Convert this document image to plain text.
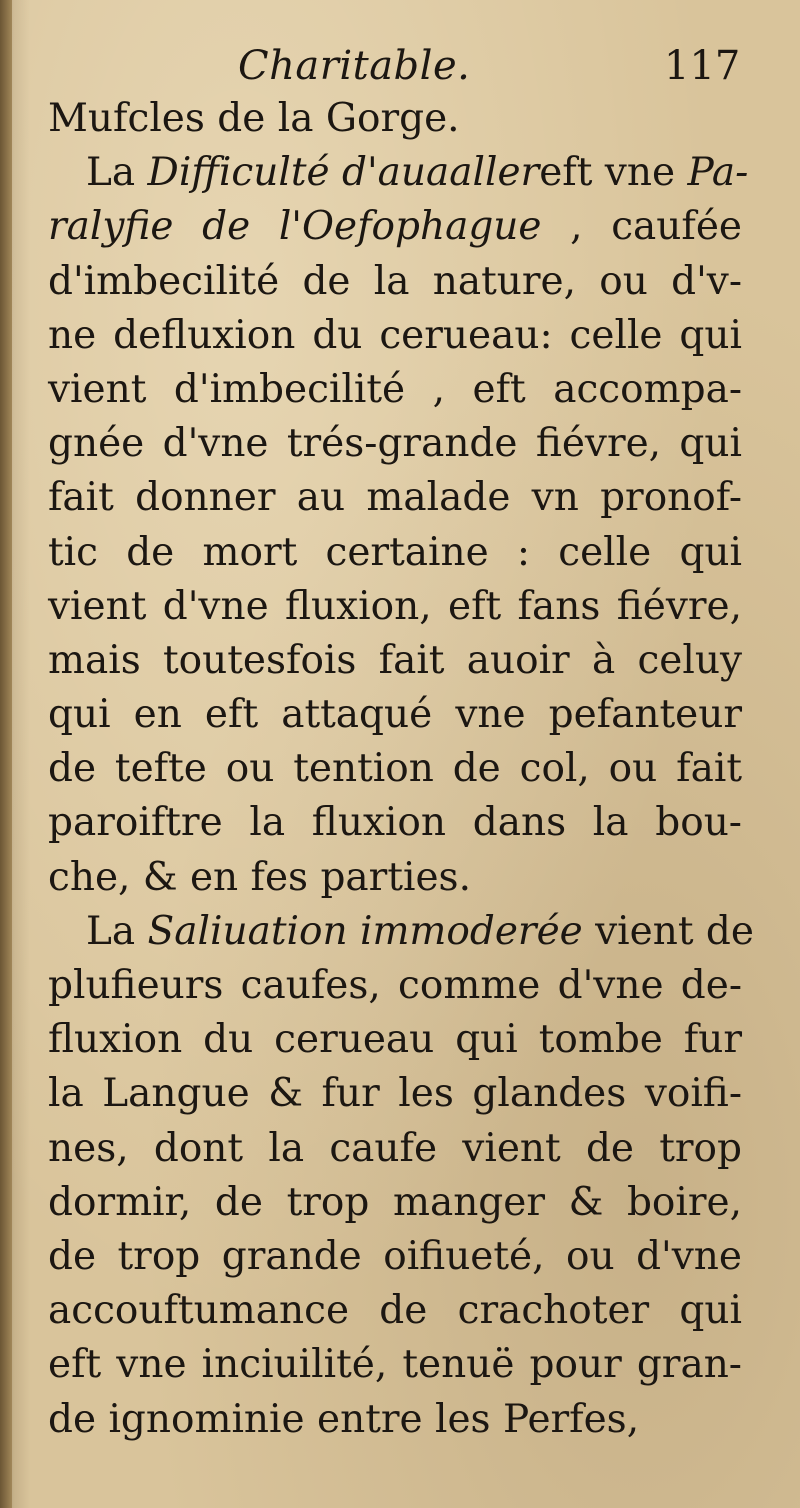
Charitable.	117
Mufcles de la Gorge.
La Difficulté d'auaallereft vne Pa-
ralyfie de l'Oefophague , caufée
d'imbecilité de la nature, ou d'v-
ne defluxion du cerueau: celle qui
vient d'imbecilité , eft accompa-
gnée d'vne trés-grande fiévre, qui
fait donner au malade vn pronof-
tic de mort certaine : celle qui
vient d'vne fluxion, eft fans fiévre,
mais toutesfois fait auoir à celuy
qui en eft attaqué vne pefanteur
de tefte ou tention de col, ou fait
paroiftre la fluxion dans la bou-
che, & en fes parties.
La Saliuation immoderée vient de
plufieurs caufes, comme d'vne de-
fluxion du cerueau qui tombe fur
la Langue & fur les glandes voifi-
nes, dont la caufe vient de trop
dormir, de trop manger & boire,
de trop grande oifiueté, ou d'vne
accouftumance de crachoter qui
eft vne inciuilité, tenuë pour gran-
de ignominie entre les Perfes,
